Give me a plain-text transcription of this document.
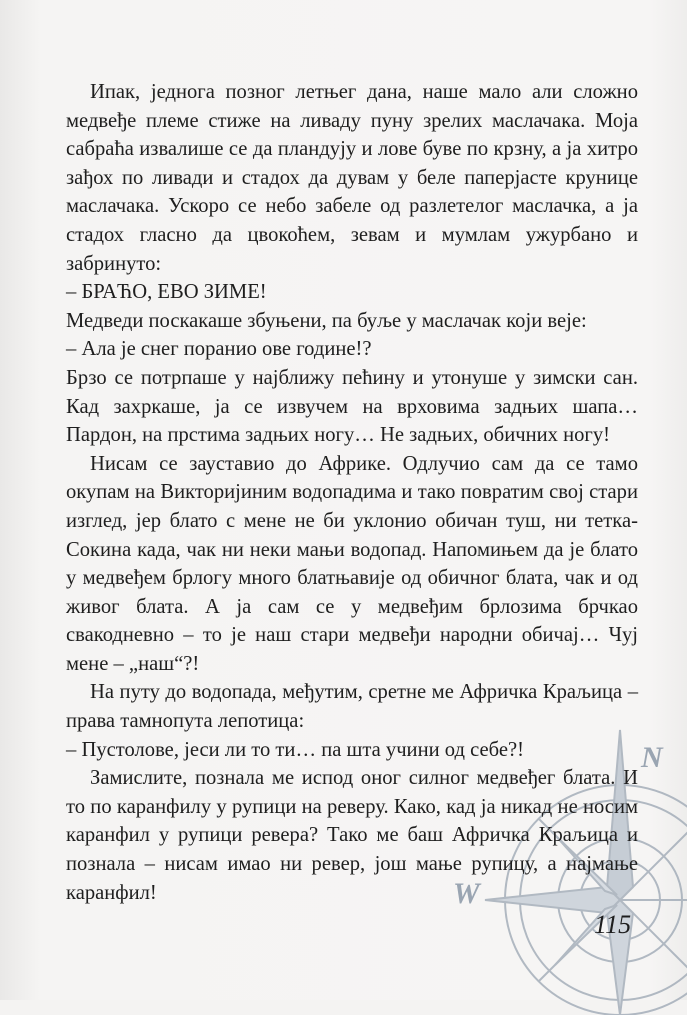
N
W

Ипак, једнога позног летњег дана, наше мало али сложно медвеђе племе стиже на ливаду пуну зрелих маслачака. Моја сабраћа извалише се да пландују и лове буве по крзну, а ја хитро зађох по ливади и стадох да дувам у беле паперјасте крунице маслачака. Ускоро се небо забеле од разлетелог маслачка, а ја стадох гласно да цвокоћем, зевам и мумлам ужурбано и забринуто:

– БРАЋО, ЕВО ЗИМЕ!

Медведи поскакаше збуњени, па буље у маслачак који веје:

– Ала је снег поранио ове године!?

Брзо се потрпаше у најближу пећину и утонуше у зимски сан. Кад захркаше, ја се извучем на врховима задњих шапа… Пардон, на прстима задњих ногу… Не задњих, обичних ногу!

Нисам се зауставио до Африке. Одлучио сам да се тамо окупам на Викторијиним водопадима и тако повратим свој стари изглед, јер блато с мене не би уклонио обичан туш, ни тетка-Сокина када, чак ни неки мањи водопад. Напомињем да је блато у медвеђем брлогу много блатњавије од обичног блата, чак и од живог блата. А ја сам се у медвеђим брлозима брчкао свакодневно – то је наш стари медвеђи народни обичај… Чуј мене – „наш“?!

На путу до водопада, међутим, сретне ме Афричка Краљица – права тамнопута лепотица:

– Пустолове, јеси ли то ти… па шта учини од себе?!

Замислите, познала ме испод оног силног медвеђег блата. И то по каранфилу у рупици на реверу. Како, кад ја никад не носим каранфил у рупици ревера? Тако ме баш Афричка Краљица и познала – нисам имао ни ревер, још мање рупицу, а најмање каранфил!

115
